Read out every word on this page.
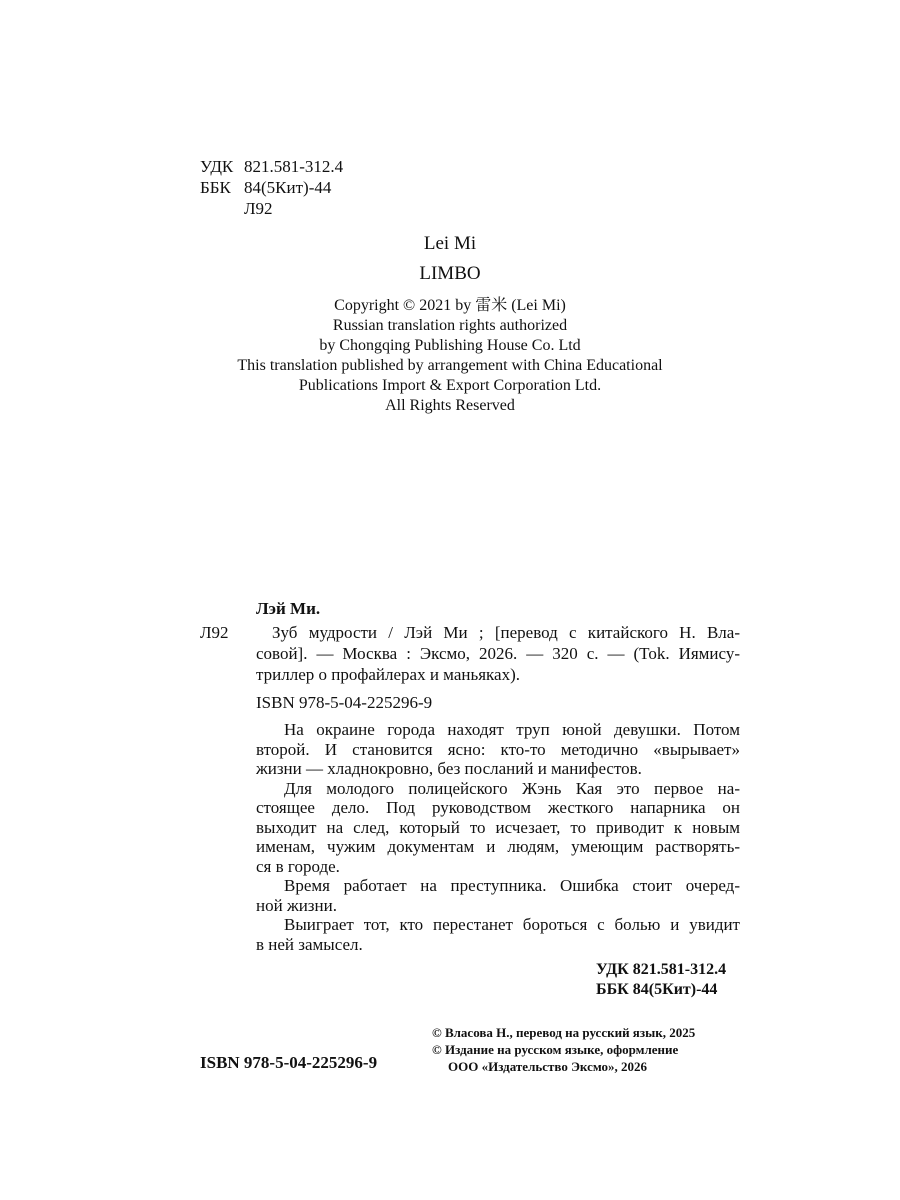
УДК 821.581-312.4
ББК 84(5Кит)-44
Л92
Lei Mi
LIMBO
Copyright © 2021 by 雷米 (Lei Mi)
Russian translation rights authorized
by Chongqing Publishing House Co. Ltd
This translation published by arrangement with China Educational
Publications Import & Export Corporation Ltd.
All Rights Reserved
Лэй Ми.
Л92	Зуб мудрости / Лэй Ми ; [перевод с китайского Н. Вла-
совой]. — Москва : Эксмо, 2026. — 320 с. — (Tok. Иямису-
триллер о профайлерах и маньяках).
ISBN 978-5-04-225296-9
На окраине города находят труп юной девушки. Потом
второй. И становится ясно: кто-то методично «вырывает»
жизни — хладнокровно, без посланий и манифестов.
Для молодого полицейского Жэнь Кая это первое на-
стоящее дело. Под руководством жесткого напарника он
выходит на след, который то исчезает, то приводит к новым
именам, чужим документам и людям, умеющим растворять-
ся в городе.
Время работает на преступника. Ошибка стоит очеред-
ной жизни.
Выиграет тот, кто перестанет бороться с болью и увидит
в ней замысел.
УДК 821.581-312.4
ББК 84(5Кит)-44
© Власова Н., перевод на русский язык, 2025
© Издание на русском языке, оформление
ООО «Издательство Эксмо», 2026
ISBN 978-5-04-225296-9
